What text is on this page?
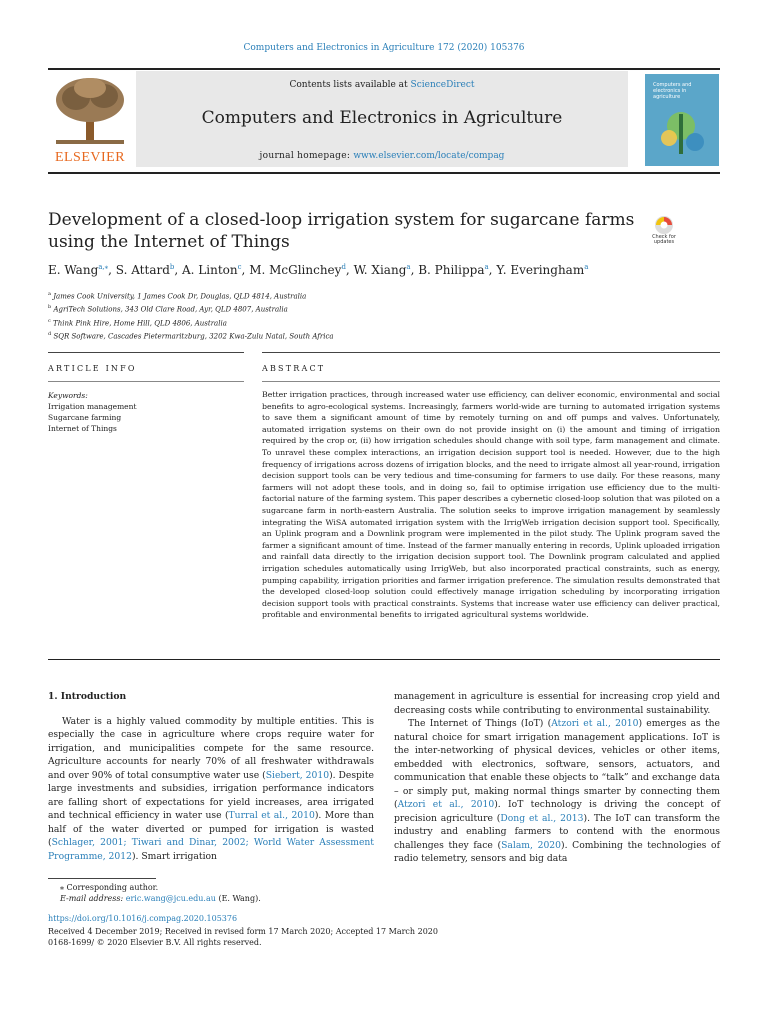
Computers and Electronics in Agriculture 172 (2020) 105376
ELSEVIER
Contents lists available at ScienceDirect
Computers and Electronics in Agriculture
journal homepage: www.elsevier.com/locate/compag
Computers and electronics in agriculture
Development of a closed-loop irrigation system for sugarcane farms using the Internet of Things	Check for updates
E. Wang$^{a,⁎}$, S. Attard$^b$, A. Linton$^c$, M. McGlinchey$^d$, W. Xiang$^a$, B. Philippa$^a$, Y. Everingham$^a$
$^a$ James Cook University, 1 James Cook Dr, Douglas, QLD 4814, Australia
$^b$ AgriTech Solutions, 343 Old Clare Road, Ayr, QLD 4807, Australia
$^c$ Think Pink Hire, Home Hill, QLD 4806, Australia
$^d$ SQR Software, Cascades Pietermaritzburg, 3202 Kwa-Zulu Natal, South Africa
ARTICLE INFO	ABSTRACT
Keywords:
Irrigation management
Sugarcane farming
Internet of Things
Better irrigation practices, through increased water use efficiency, can deliver economic, environmental and social benefits to agro-ecological systems. Increasingly, farmers world-wide are turning to automated irrigation systems to save them a significant amount of time by remotely turning on and off pumps and valves. Unfortunately, automated irrigation systems on their own do not provide insight on (i) the amount and timing of irrigation required by the crop or, (ii) how irrigation schedules should change with soil type, farm management and climate. To unravel these complex interactions, an irrigation decision support tool is needed. However, due to the high frequency of irrigations across dozens of irrigation blocks, and the need to irrigate almost all year-round, irrigation decision support tools can be very tedious and time-consuming for farmers to use daily. For these reasons, many farmers will not adopt these tools, and in doing so, fail to optimise irrigation use efficiency due to the multi-factorial nature of the farming system. This paper describes a cybernetic closed-loop solution that was piloted on a sugarcane farm in north-eastern Australia. The solution seeks to improve irrigation management by seamlessly integrating the WiSA automated irrigation system with the IrrigWeb irrigation decision support tool. Specifically, an Uplink program and a Downlink program were implemented in the pilot study. The Uplink program saved the farmer a significant amount of time. Instead of the farmer manually entering in records, Uplink uploaded irrigation and rainfall data directly to the irrigation decision support tool. The Downlink program calculated and applied irrigation schedules automatically using IrrigWeb, but also incorporated practical constraints, such as energy, pumping capability, irrigation priorities and farmer irrigation preference. The simulation results demonstrated that the developed closed-loop solution could effectively manage irrigation scheduling by incorporating irrigation decision support tools with practical constraints. Systems that increase water use efficiency can deliver practical, profitable and environmental benefits to irrigated agricultural systems worldwide.

1. Introduction

Water is a highly valued commodity by multiple entities. This is especially the case in agriculture where crops require water for irrigation, and municipalities compete for the same resource. Agriculture accounts for nearly 70% of all freshwater withdrawals and over 90% of total consumptive water use (Siebert, 2010). Despite large investments and subsidies, irrigation performance indicators are falling short of expectations for yield increases, area irrigated and technical efficiency in water use (Turral et al., 2010). More than half of the water diverted or pumped for irrigation is wasted (Schlager, 2001; Tiwari and Dinar, 2002; World Water Assessment Programme, 2012). Smart irrigation

management in agriculture is essential for increasing crop yield and decreasing costs while contributing to environmental sustainability.

The Internet of Things (IoT) (Atzori et al., 2010) emerges as the natural choice for smart irrigation management applications. IoT is the inter-networking of physical devices, vehicles or other items, embedded with electronics, software, sensors, actuators, and communication that enable these objects to “talk” and exchange data – or simply put, making normal things smarter by connecting them (Atzori et al., 2010). IoT technology is driving the concept of precision agriculture (Dong et al., 2013). The IoT can transform the industry and enabling farmers to contend with the enormous challenges they face (Salam, 2020). Combining the technologies of radio telemetry, sensors and big data

⁎ Corresponding author.
E-mail address: eric.wang@jcu.edu.au (E. Wang).
https://doi.org/10.1016/j.compag.2020.105376
Received 4 December 2019; Received in revised form 17 March 2020; Accepted 17 March 2020
0168-1699/ © 2020 Elsevier B.V. All rights reserved.
